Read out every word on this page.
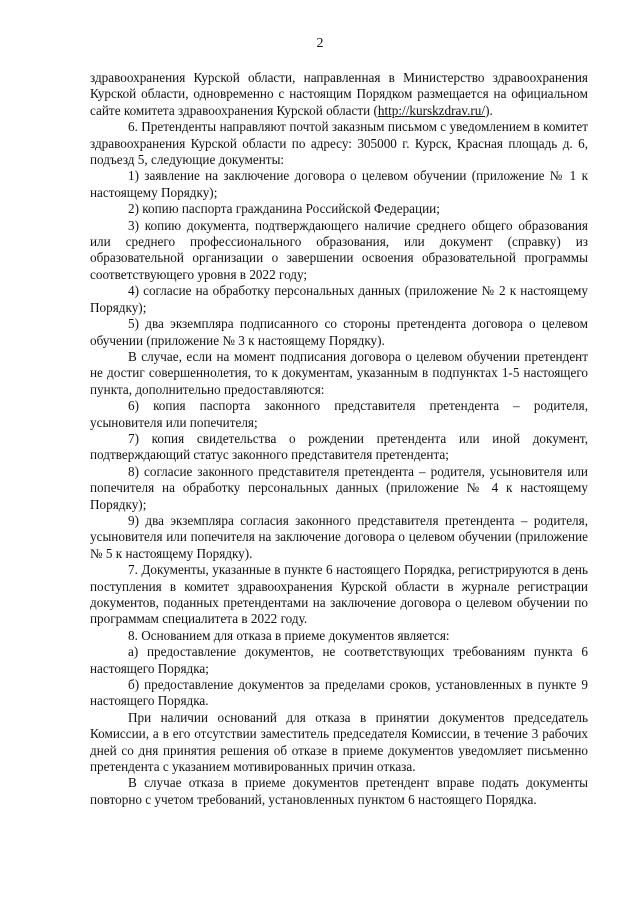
2

здравоохранения Курской области, направленная в Министерство здравоохранения Курской области, одновременно с настоящим Порядком размещается на официальном сайте комитета здравоохранения Курской области (http://kurskzdrav.ru/).

6. Претенденты направляют почтой заказным письмом с уведомлением в комитет здравоохранения Курской области по адресу: 305000 г. Курск, Красная площадь д. 6, подъезд 5, следующие документы:

1) заявление на заключение договора о целевом обучении (приложение № 1 к настоящему Порядку);

2) копию паспорта гражданина Российской Федерации;

3) копию документа, подтверждающего наличие среднего общего образования или среднего профессионального образования, или документ (справку) из образовательной организации о завершении освоения образовательной программы соответствующего уровня в 2022 году;

4) согласие на обработку персональных данных (приложение № 2 к настоящему Порядку);

5) два экземпляра подписанного со стороны претендента договора о целевом обучении (приложение № 3 к настоящему Порядку).

В случае, если на момент подписания договора о целевом обучении претендент не достиг совершеннолетия, то к документам, указанным в подпунктах 1-5 настоящего пункта, дополнительно предоставляются:

6) копия паспорта законного представителя претендента – родителя, усыновителя или попечителя;

7) копия свидетельства о рождении претендента или иной документ, подтверждающий статус законного представителя претендента;

8) согласие законного представителя претендента – родителя, усыновителя или попечителя на обработку персональных данных (приложение № 4 к настоящему Порядку);

9) два экземпляра согласия законного представителя претендента – родителя, усыновителя или попечителя на заключение договора о целевом обучении (приложение № 5 к настоящему Порядку).

7. Документы, указанные в пункте 6 настоящего Порядка, регистрируются в день поступления в комитет здравоохранения Курской области в журнале регистрации документов, поданных претендентами на заключение договора о целевом обучении по программам специалитета в 2022 году.

8. Основанием для отказа в приеме документов является:

а) предоставление документов, не соответствующих требованиям пункта 6 настоящего Порядка;

б) предоставление документов за пределами сроков, установленных в пункте 9 настоящего Порядка.

При наличии оснований для отказа в принятии документов председатель Комиссии, а в его отсутствии заместитель председателя Комиссии, в течение 3 рабочих дней со дня принятия решения об отказе в приеме документов уведомляет письменно претендента с указанием мотивированных причин отказа.

В случае отказа в приеме документов претендент вправе подать документы повторно с учетом требований, установленных пунктом 6 настоящего Порядка.
